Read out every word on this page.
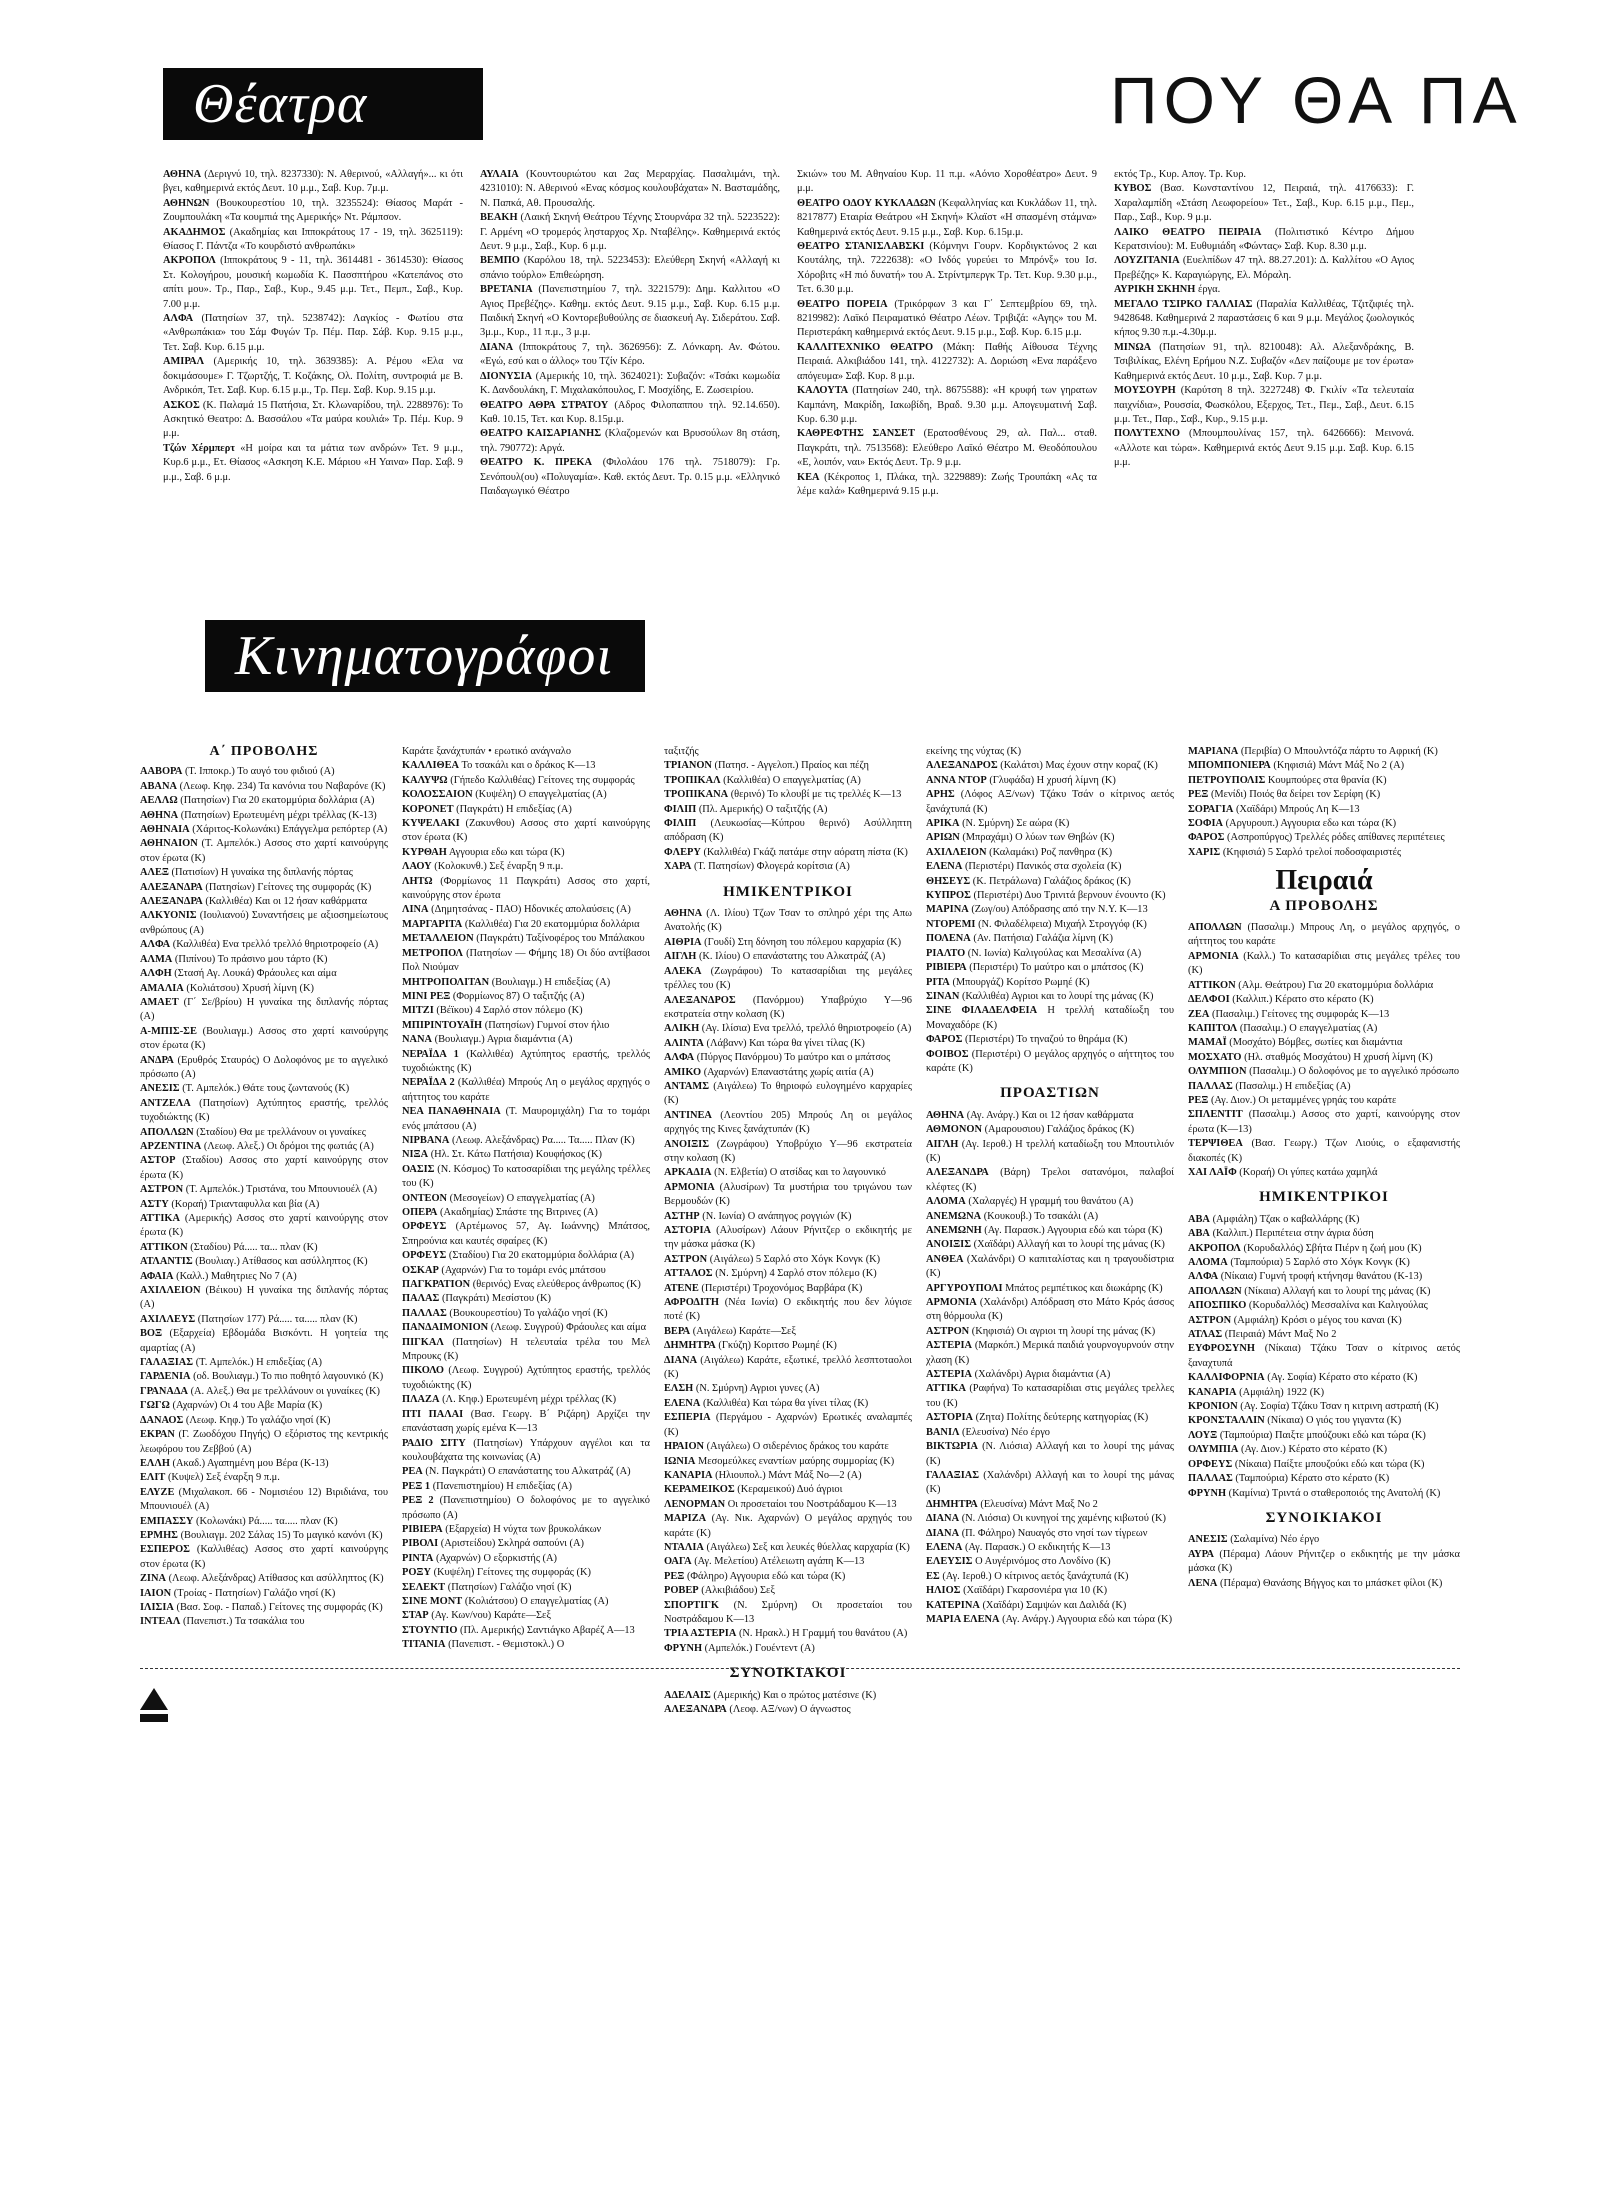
Θέατρα	ΠΟΥ ΘΑ ΠΑ

ΑΘΗΝΑ (Δεριγνύ 10, τηλ. 8237330): Ν. Αθερινού, «Αλλαγή»... κι ότι βγει, καθημερινά εκτός Δευτ. 10 μ.μ., Σαβ. Κυρ. 7μ.μ.

ΑΘΗΝΩΝ (Βουκουρεστίου 10, τηλ. 3235524): Θίασος Μαράτ - Ζουμπουλάκη «Τα κουμπιά της Αμερικής» Ντ. Ράμπσον.

ΑΚΑΔΗΜΟΣ (Ακαδημίας και Ιπποκράτους 17 - 19, τηλ. 3625119): Θίασος Γ. Πάντζα «Το κουρδιστό ανθρωπάκι»

ΑΚΡΟΠΟΛ (Ιπποκράτους 9 - 11, τηλ. 3614481 - 3614530): Θίασος Στ. Κολογήρου, μουσική κωμωδία Κ. Πασσπτήρου «Κατεπάνος στο απίτι μου». Τρ., Παρ., Σαβ., Κυρ., 9.45 μ.μ. Τετ., Πεμπ., Σαβ., Κυρ. 7.00 μ.μ.

ΑΛΦΑ (Πατησίων 37, τηλ. 5238742): Λαγκίος - Φωτίου στα «Ανθρωπάκια» του Σάμ Φυγών Τρ. Πέμ. Παρ. Σάβ. Κυρ. 9.15 μ.μ., Τετ. Σαβ. Κυρ. 6.15 μ.μ.

ΑΜΙΡΑΛ (Αμερικής 10, τηλ. 3639385): Α. Ρέμου «Ελα να δοκιμάσουμε» Γ. Τζωρτζής, Τ. Κοζάκης, Ολ. Πολίτη, συντροφιά με Β. Ανδρικόπ, Τετ. Σαβ. Κυρ. 6.15 μ.μ., Τρ. Πεμ. Σαβ. Κυρ. 9.15 μ.μ.

ΑΣΚΟΣ (Κ. Παλαμά 15 Πατήσια, Στ. Κλωναρίδου, τηλ. 2288976): Το Ασκητικό Θεατρο: Δ. Βασσάλου «Τα μαύρα κουλιά» Τρ. Πέμ. Κυρ. 9 μ.μ.

Τζών Χέρμπερτ «Η μοίρα και τα μάτια των ανδρών» Τετ. 9 μ.μ., Κυρ.6 μ.μ., Ετ. Θίασος «Ασκηση Κ.Ε. Μάριου «Η Υαινα» Παρ. Σαβ. 9 μ.μ., Σαβ. 6 μ.μ.

ΑΥΛΑΙΑ (Κουντουριώτου και 2ας Μεραρχίας. Πασαλιμάνι, τηλ. 4231010): Ν. Αθερινού «Ενας κόσμος κουλουβάχατα» Ν. Βασταμάδης, Ν. Παπκά, Αθ. Προυσαλής.

ΒΕΑΚΗ (Λαική Σκηνή Θεάτρου Τέχνης Στουρνάρα 32 τηλ. 5223522): Γ. Αρμένη «Ο τρομερός λησταρχος Χρ. Νταβέλης». Καθημερινά εκτός Δευτ. 9 μ.μ., Σαβ., Κυρ. 6 μ.μ.

ΒΕΜΠΟ (Καρόλου 18, τηλ. 5223453): Ελεύθερη Σκηνή «Αλλαγή κι σπάνιο τούρλο» Επιθεώρηση.

ΒΡΕΤΑΝΙΑ (Πανεπιστημίου 7, τηλ. 3221579): Δημ. Καλλιτου «Ο Αγιος Πρεβέζης». Καθημ. εκτός Δευτ. 9.15 μ.μ., Σαβ. Κυρ. 6.15 μ.μ. Παιδική Σκηνή «Ο Κοντορεβυθούλης σε διασκευή Αγ. Σιδεράτου. Σαβ. 3μ.μ., Κυρ., 11 π.μ., 3 μ.μ.

ΔΙΑΝΑ (Ιπποκράτους 7, τηλ. 3626956): Ζ. Λόνκαρη. Αν. Φώτου. «Εγώ, εσύ και ο άλλος» του Τζίν Κέρο.

ΔΙΟΝΥΣΙΑ (Αμερικής 10, τηλ. 3624021): Συβαζόν: «Τσάκι κωμωδία Κ. Δανδουλάκη, Γ. Μιχαλακόπουλος, Γ. Μοσχίδης, Ε. Ζωσειρίου.

ΘΕΑΤΡΟ ΑΘΡΑ ΣΤΡΑΤΟΥ (Αδρος Φιλοπαππου τηλ. 92.14.650). Καθ. 10.15, Τετ. και Κυρ. 8.15μ.μ.

ΘΕΑΤΡΟ ΚΑΙΣΑΡΙΑΝΗΣ (Κλαζομενών και Βρυσούλων 8η στάση, τηλ. 790772): Αργά.

ΘΕΑΤΡΟ Κ. ΠΡΕΚΑ (Φιλολάου 176 τηλ. 7518079): Γρ. Σενόπουλ(ου) «Πολυγαμία». Καθ. εκτός Δευτ. Τρ. 0.15 μ.μ. «Ελληνικό Παιδαγωγικό Θέατρο

Σκιών» του Μ. Αθηναίου Κυρ. 11 π.μ. «Αόνιο Χοροθέατρο» Δευτ. 9 μ.μ.

ΘΕΑΤΡΟ ΟΔΟΥ ΚΥΚΛΑΔΩΝ (Κεφαλληνίας και Κυκλάδων 11, τηλ. 8217877) Εταιρία Θεάτρου «Η Σκηνή» Κλαϊστ «Η σπασμένη στάμνα» Καθημερινά εκτός Δευτ. 9.15 μ.μ., Σαβ. Κυρ. 6.15μ.μ.

ΘΕΑΤΡΟ ΣΤΑΝΙΣΛΑΒΣΚΙ (Κόμνηνι Γουρν. Κορδιγκτώνος 2 και Κουτάλης, τηλ. 7222638): «Ο Ινδός γυρεύει το Μπρόνξ» του Ισ. Χόροβιτς «Η πιό δυνατή» του Α. Στρίντμπεργκ Τρ. Τετ. Κυρ. 9.30 μ.μ., Τετ. 6.30 μ.μ.

ΘΕΑΤΡΟ ΠΟΡΕΙΑ (Τρικόρφων 3 και Γ΄ Σεπτεμβρίου 69, τηλ. 8219982): Λαϊκό Πειραματικό Θέατρο Λέων. Τριβιζά: «Αγης» του Μ. Περιστεράκη καθημερινά εκτός Δευτ. 9.15 μ.μ., Σαβ. Κυρ. 6.15 μ.μ.

ΚΑΛΛΙΤΕΧΝΙΚΟ ΘΕΑΤΡΟ (Μάκη: Παθής Αίθουσα Τέχνης Πειραιά. Αλκιβιάδου 141, τηλ. 4122732): Α. Δοριώση «Ενα παράξενο απόγευμα» Σαβ. Κυρ. 8 μ.μ.

ΚΑΛΟΥΤΑ (Πατησίων 240, τηλ. 8675588): «Η κρυφή των γηρατων Καμπάνη, Μακρίδη, Ιακωβίδη, Βραδ. 9.30 μ.μ. Απογευματινή Σαβ. Κυρ. 6.30 μ.μ.

ΚΑΘΡΕΦΤΗΣ ΣΑΝΣΕΤ (Ερατοσθένους 29, αλ. Παλ... σταθ. Παγκράτι, τηλ. 7513568): Ελεύθερο Λαϊκό Θέατρο Μ. Θεοδόπουλου «Ε, λοιπόν, ναι» Εκτός Δευτ. Τρ. 9 μ.μ.

ΚΕΑ (Κέκροπος 1, Πλάκα, τηλ. 3229889): Ζωής Τρουπάκη «Ας τα λέμε καλά» Καθημερινά 9.15 μ.μ.

εκτός Τρ., Κυρ. Απογ. Τρ. Κυρ.

ΚΥΒΟΣ (Βασ. Κωνσταντίνου 12, Πειραιά, τηλ. 4176633): Γ. Χαραλαμπίδη «Στάση Λεωφορείου» Τετ., Σαβ., Κυρ. 6.15 μ.μ., Πεμ., Παρ., Σαβ., Κυρ. 9 μ.μ.

ΛΑΙΚΟ ΘΕΑΤΡΟ ΠΕΙΡΑΙΑ (Πολιτιστικό Κέντρο Δήμου Κερατσινίου): Μ. Ευθυμιάδη «Φώντας» Σαβ. Κυρ. 8.30 μ.μ.

ΛΟΥΖΙΤΑΝΙΑ (Ευελπίδων 47 τηλ. 88.27.201): Δ. Καλλίτου «Ο Αγιος Πρεβέζης» Κ. Καραγιώργης, Ελ. Μόραλη.

ΑΥΡΙΚΗ ΣΚΗΝΗ έργα.

ΜΕΓΑΛΟ ΤΣΙΡΚΟ ΓΑΛΛΙΑΣ (Παραλία Καλλιθέας, Τζιτζιφιές τηλ. 9428648. Καθημερινά 2 παραστάσεις 6 και 9 μ.μ. Μεγάλος ζωολογικός κήπος 9.30 π.μ.-4.30μ.μ.

ΜΙΝΩΑ (Πατησίων 91, τηλ. 8210048): Αλ. Αλεξανδράκης, Β. Τσιβιλίκας, Ελένη Ερήμου Ν.Ζ. Συβαζόν «Δεν παίζουμε με τον έρωτα» Καθημερινά εκτός Δευτ. 10 μ.μ., Σαβ. Κυρ. 7 μ.μ.

ΜΟΥΣΟΥΡΗ (Καρύτση 8 τηλ. 3227248) Φ. Γκιλίν «Τα τελευταία παιχνίδια», Ρουσσία, Φωσκόλου, Εξερχος, Τετ., Πεμ., Σαβ., Δευτ. 6.15 μ.μ. Τετ., Παρ., Σαβ., Κυρ., 9.15 μ.μ.

ΠΟΛΥΤΕΧΝΟ (Μπουμπουλίνας 157, τηλ. 6426666): Μεινονά. «Αλλοτε και τώρα». Καθημερινά εκτός Δευτ 9.15 μ.μ. Σαβ. Κυρ. 6.15 μ.μ.

Κινηματογράφοι
Α΄ ΠΡΟΒΟΛΗΣ

ΑΑΒΟΡΑ (Τ. Ιπποκρ.) Το αυγό του φιδιού (Α)

ΑΒΑΝΑ (Λεωφ. Κηφ. 234) Τα κανόνια του Ναβαρόνε (Κ)

ΑΕΛΛΩ (Πατησίων) Για 20 εκατομμύρια δολλάρια (Α)

ΑΘΗΝΑ (Πατησίων) Ερωτευμένη μέχρι τρέλλας (Κ-13)

ΑΘΗΝΑΙΑ (Χάριτος-Κολωνάκι) Επάγγελμα ρεπόρτερ (Α)

ΑΘΗΝΑΙΟΝ (Τ. Αμπελόκ.) Ασσος στο χαρτί καινούργης στον έρωτα (Κ)

ΑΛΕΞ (Πατισίων) Η γυναίκα της διπλανής πόρτας

ΑΛΕΞΑΝΔΡΑ (Πατησίων) Γείτονες της συμφοράς (Κ)

ΑΛΕΞΑΝΔΡΑ (Καλλιθέα) Και οι 12 ήσαν καθάρματα

ΑΛΚΥΟΝΙΣ (Ιουλιανού) Συναντήσεις με αξιοσημείωτους ανθρώπους (Α)

ΑΛΦΑ (Καλλιθέα) Ενα τρελλό τρελλό θηριοτροφείο (Α)

ΑΛΜΑ (Πιπίνου) Το πράσινο μου τάρτο (Κ)

ΑΛΦΗ (Στασή Αγ. Λουκά) Φράουλες και αίμα

ΑΜΑΛΙΑ (Κολιάτσου) Χρυσή λίμνη (Κ)

ΑΜΑΕΤ (Γ΄ Σε/βρίου) Η γυναίκα της διπλανής πόρτας (Α)

Α-ΜΠΙΣ-ΣΕ (Βουλιαγμ.) Ασσος στο χαρτί καινούργης στον έρωτα (Κ)

ΑΝΔΡΑ (Ερυθρός Σταυρός) Ο Δολοφόνος με το αγγελικό πρόσωπο (Α)

ΑΝΕΣΙΣ (Τ. Αμπελόκ.) Θάτε τους ζωντανούς (Κ)

ΑΝΤΖΕΛΑ (Πατησίων) Αχτύπητος εραστής, τρελλός τυχοδιώκτης (Κ)

ΑΠΟΛΛΩΝ (Σταδίου) Θα με τρελλάνουν οι γυναίκες

ΑΡΖΕΝΤΙΝΑ (Λεωφ. Αλεξ.) Οι δρόμοι της φωτιάς (Α)

ΑΣΤΟΡ (Σταδίου) Ασσος στο χαρτί καινούργης στον έρωτα (Κ)

ΑΣΤΡΟΝ (Τ. Αμπελόκ.) Τριστάνα, του Μπουνιουέλ (Α)

ΑΣΤΥ (Κοραή) Τριανταφυλλα και βία (Α)

ΑΤΤΙΚΑ (Αμερικής) Ασσος στο χαρτί καινούργης στον έρωτα (Κ)

ΑΤΤΙΚΟΝ (Σταδίου) Ρά..... τα... πλαν (Κ)

ΑΤΛΑΝΤΙΣ (Βουλιαγ.) Ατίθασος και ασύλληπτος (Κ)

ΑΦΑΙΑ (Καλλ.) Μαθητριες Νο 7 (Α)

ΑΧΙΛΛΕΙΟΝ (Βέικου) Η γυναίκα της διπλανής πόρτας (Α)

ΑΧΙΛΛΕΥΣ (Πατησίων 177) Ρά..... τα..... πλαν (Κ)

ΒΟΞ (Εξαρχεία) Εβδομάδα Βισκόντι. Η γοητεία της αμαρτίας (Α)

ΓΑΛΑΞΙΑΣ (Τ. Αμπελόκ.) Η επιδεξίας (Α)

ΓΑΡΔΕΝΙΑ (οδ. Βουλιαγμ.) Το πιο ποθητό λαγουνικό (Κ)

ΓΡΑΝΑΔΑ (Α. Αλεξ.) Θα με τρελλάνουν οι γυναίκες (Κ)

ΓΩΓΩ (Αχαρνών) Οι 4 του Αβε Μαρία (Κ)

ΔΑΝΑΟΣ (Λεωφ. Κηφ.) Το γαλάζιο νησί (Κ)

ΕΚΡΑΝ (Γ. Ζωοδόχου Πηγής) Ο εξόριστος της κεντρικής λεωφόρου του Ζεββού (Α)

ΕΛΛΗ (Ακαδ.) Αγαπημένη μου Βέρα (Κ-13)

ΕΛΙΤ (Κυψελ) Σεξ έναρξη 9 π.μ.

ΕΛΥΖΕ (Μιχαλακοπ. 66 - Νομισιέου 12) Βιριδιάνα, του Μπουνιουέλ (Α)

ΕΜΠΑΣΣΥ (Κολωνάκι) Ρά..... τα..... πλαν (Κ)

ΕΡΜΗΣ (Βουλιαγμ. 202 Σάλας 15) Το μαγικό κανόνι (Κ)

ΕΣΠΕΡΟΣ (Καλλιθέας) Ασσος στο χαρτί καινούργης στον έρωτα (Κ)

ΖΙΝΑ (Λεωφ. Αλεξάνδρας) Ατίθασος και ασύλληπτος (Κ)

ΙΑΙΟΝ (Τροίας - Πατησίων) Γαλάζιο νησί (Κ)

ΙΛΙΣΙΑ (Βασ. Σοφ. - Παπαδ.) Γείτονες της συμφοράς (Κ)

ΙΝΤΕΑΛ (Πανεπιστ.) Τα τσακάλια του

Καράτε ξανάχτυπάν • ερωτικό ανάγναλο

ΚΑΛΛΙΘΕΑ Το τσακάλι και ο δράκος Κ—13

ΚΑΛΥΨΩ (Γήπεδο Καλλιθέας) Γείτονες της συμφοράς

ΚΟΛΟΣΣΑΙΟΝ (Κυψέλη) Ο επαγγελματίας (Α)

ΚΟΡΟΝΕΤ (Παγκράτι) Η επιδεξίας (Α)

ΚΥΨΕΛΑΚΙ (Ζακυνθου) Ασσος στο χαρτί καινούργης στον έρωτα (Κ)

ΚΥΡΘΑΗ Αγγουρια εδω και τώρα (Κ)

ΛΑΟΥ (Κολοκυνθ.) Σεξ έναρξη 9 π.μ.

ΛΗΤΩ (Φορμίωνος 11 Παγκράτι) Ασσος στο χαρτί, καινούργης στον έρωτα

ΛΙΝΑ (Δημητσάνας - ΠΑΟ) Ηδονικές απολαύσεις (Α)

ΜΑΡΓΑΡΙΤΑ (Καλλιθέα) Για 20 εκατομμύρια δολλάρια

ΜΕΤΑΛΛΕΙΟΝ (Παγκράτι) Ταξίνοφέρος του Μπάλακου

ΜΕΤΡΟΠΟΛ (Πατησίων — Φήμης 18) Οι δύο αντίβασοι Πολ Νιούμαν

ΜΗΤΡΟΠΟΛΙΤΑΝ (Βουλιαγμ.) Η επιδεξίας (Α)

ΜΙΝΙ ΡΕΞ (Φορμίωνος 87) Ο ταξιτζής (Α)

ΜΙΤΖΙ (Βέϊκου) 4 Σαρλό στον πόλεμο (Κ)

ΜΠΙΡΙΝΤΟΥΑΪΗ (Πατησίων) Γυμνοί στον ήλιο

ΝΑΝΑ (Βουλιαγμ.) Αγρια διαμάντια (Α)

ΝΕΡΑΪΔΑ 1 (Καλλιθέα) Αχτύπητος εραστής, τρελλός τυχοδιώκτης (Κ)

ΝΕΡΑΪΔΑ 2 (Καλλιθέα) Μπρούς Λη ο μεγάλος αρχηγός ο αήττητος του καράτε

ΝΕΑ ΠΑΝΑΘΗΝΑΙΑ (Τ. Μαυρομιχάλη) Για το τομάρι ενός μπάτσου (Α)

ΝΙΡΒΑΝΑ (Λεωφ. Αλεξάνδρας) Ρα..... Τα..... Πλαν (Κ)

ΝΙΞΑ (Ηλ. Στ. Κάτω Πατήσια) Κουφήσκος (Κ)

ΟΑΣΙΣ (Ν. Κόσμος) Το κατοσαρίδιαι της μεγάλης τρέλλες του (Κ)

ΟΝΤΕΟΝ (Μεσογείων) Ο επαγγελματίας (Α)

ΟΠΕΡΑ (Ακαδημίας) Σπάστε της Βιτρινες (Α)

ΟΡΦΕΥΣ (Αρτέμωνος 57, Αγ. Ιωάννης) Μπάτσος, Σπηρούνια και καυτές σφαίρες (Κ)

ΟΡΦΕΥΣ (Σταδίου) Για 20 εκατομμύρια δολλάρια (Α)

ΟΣΚΑΡ (Αχαρνών) Για το τομάρι ενός μπάτσου

ΠΑΓΚΡΑΤΙΟΝ (θερινός) Ενας ελεύθερος άνθρωπος (Κ)

ΠΑΛΑΣ (Παγκράτι) Μεσίστου (Κ)

ΠΑΛΛΑΣ (Βουκουρεστίου) Το γαλάζιο νησί (Κ)

ΠΑΝΔΑΙΜΟΝΙΟΝ (Λεωφ. Συγγρού) Φράουλες και αίμα

ΠΙΓΚΑΛ (Πατησίων) Η τελευταία τρέλα του Μελ Μπρουκς (Κ)

ΠΙΚΟΛΟ (Λεωφ. Συγγρού) Αχτύπητος εραστής, τρελλός τυχοδιώκτης (Κ)

ΠΛΑΖΑ (Λ. Κηφ.) Ερωτευμένη μέχρι τρέλλας (Κ)

ΠΤΙ ΠΑΛΑΙ (Βασ. Γεωργ. Β΄ Ριζάρη) Αρχίζει την επανάσταση χωρίς εμένα Κ—13

ΡΑΔΙΟ ΣΙΤΥ (Πατησίων) Υπάρχουν αγγέλοι και τα κουλουβάχατα της κοινωνίας (Α)

ΡΕΑ (Ν. Παγκράτι) Ο επανάστατης του Αλκατράζ (Α)

ΡΕΞ 1 (Πανεπιστημίου) Η επιδεξίας (Α)

ΡΕΞ 2 (Πανεπιστημίου) Ο δολοφόνος με το αγγελικό πρόσωπο (Α)

ΡΙΒΙΕΡΑ (Εξαρχεία) Η νύχτα των βρυκολάκων

ΡΙΒΟΛΙ (Αριστείδου) Σκληρά σαπούνι (Α)

ΡΙΝΤΑ (Αχαρνών) Ο εξορκιστής (Α)

ΡΟΞΥ (Κυψέλη) Γείτονες της συμφοράς (Κ)

ΣΕΛΕΚΤ (Πατησίων) Γαλάζιο νησί (Κ)

ΣΙΝΕ ΜΟΝΤ (Κολιάτσου) Ο επαγγελματίας (Α)

ΣΤΑΡ (Αγ. Κων/νου) Καράτε—Σεξ

ΣΤΟΥΝΤΙΟ (Πλ. Αμερικής) Σαντιάγκο Αβαρέζ Α—13

ΤΙΤΑΝΙΑ (Πανεπιστ. - Θεμιστοκλ.) Ο

ταξιτζής

ΤΡΙΑΝΟΝ (Πατησ. - Αγγελοπ.) Πραίος και πέζη

ΤΡΟΠΙΚΑΛ (Καλλιθέα) Ο επαγγελματίας (Α)

ΤΡΟΠΙΚΑΝΑ (θερινό) Το κλουβί με τις τρελλές Κ—13

ΦΙΛΙΠ (Πλ. Αμερικής) Ο ταξιτζής (Α)

ΦΙΛΙΠ (Λευκωσίας—Κύπρου θερινό) Ασύλληπτη απόδραση (Κ)

ΦΛΕΡΥ (Καλλιθέα) Γκάζι πατάμε στην αόρατη πίστα (Κ)

ΧΑΡΑ (Τ. Πατησίων) Φλογερά κορίτσια (Α)

ΗΜΙΚΕΝΤΡΙΚΟΙ

ΑΘΗΝΑ (Λ. Ιλίου) Τζων Τσαν το σπληρό χέρι της Απω Ανατολής (Κ)

ΑΙΘΡΙΑ (Γουδί) Στη δόνηση του πόλεμου καρχαρία (Κ)

ΑΙΓΛΗ (Κ. Ιλίου) Ο επανάστατης του Αλκατράζ (Α)

ΑΛΕΚΑ (Ζωγράφου) Το κατασαρίδιαι της μεγάλες τρέλλες του (Κ)

ΑΛΕΞΑΝΔΡΟΣ (Πανόρμου) Υπαβρύχιο Υ—96 εκστρατεία στην κολαση (Κ)

ΑΛΙΚΗ (Αγ. Ιλίσια) Ενα τρελλό, τρελλό θηριοτροφείο (Α)

ΑΛΙΝΤΑ (Λάβανν) Και τώρα θα γίνει τίλας (Κ)

ΑΛΦΑ (Πύργος Πανόρμου) Το μαύτρο και ο μπάτσος

ΑΜΙΚΟ (Αχαρνών) Επαναστάτης χωρίς αιτία (Α)

ΑΝΤΑΜΣ (Αιγάλεω) Το θηριοφώ ευλογημένο καρχαρίες (Κ)

ΑΝΤΙΝΕΑ (Λεοντίου 205) Μπρούς Λη οι μεγάλος αρχηγός της Κινες ξανάχτυπάν (Κ)

ΑΝΟΙΞΙΣ (Ζωγράφου) Υποβρύχιο Υ—96 εκστρατεία στην κολαση (Κ)

ΑΡΚΑΔΙΑ (Ν. Ελβετία) Ο ατσίδας και το λαγουνικό

ΑΡΜΟΝΙΑ (Αλυσίρων) Τα μυστήρια του τριγώνου των Βερμουδών (Κ)

ΑΣΤΗΡ (Ν. Ιωνία) Ο ανάπηγος ρογγιών (Κ)

ΑΣΤΟΡΙΑ (Αλυσίρων) Λάουν Ρήνιτζερ ο εκδικητής με την μάσκα μάσκα (Κ)

ΑΣΤΡΟΝ (Αιγάλεω) 5 Σαρλό στο Χόγκ Κονγκ (Κ)

ΑΤΤΑΛΟΣ (Ν. Σμύρνη) 4 Σαρλό στον πόλεμο (Κ)

ΑΤΕΝΕ (Περιστέρι) Τροχονόμος Βαρβάρα (Κ)

ΑΦΡΟΔΙΤΗ (Νέα Ιωνία) Ο εκδικητής που δεν λύγισε ποτέ (Κ)

ΒΕΡΑ (Αιγάλεω) Καράτε—Σεξ

ΔΗΜΗΤΡΑ (Γκύζη) Κοριτσο Ρωμηέ (Κ)

ΔΙΑΝΑ (Αιγάλεω) Καράτε, εξωτικέ, τρελλό λεσπτοταολοι (Κ)

ΕΛΣΗ (Ν. Σμύρνη) Αγριοι γυνες (Α)

ΕΛΕΝΑ (Καλλιθέα) Και τώρα θα γίνει τίλας (Κ)

ΕΣΠΕΡΙΑ (Περγάμου - Αχαρνών) Ερωτικές αναλαμπές (Κ)

ΗΡΑΙΟΝ (Αιγάλεω) Ο σιδερένιος δράκος του καράτε

ΙΩΝΙΑ Μεσομεύλκες εναντίων μαύρης συμμορίας (Κ)

ΚΑΝΑΡΙΑ (Ηλιουπολ.) Μάντ Μάξ Νο—2 (Α)

ΚΕΡΑΜΕΙΚΟΣ (Κεραμεικού) Δυό άγριοι

ΛΕΝΟΡΜΑΝ Οι προσεταίοι του Νοστράδαμου Κ—13

ΜΑΡΙΖΑ (Αγ. Νικ. Αχαρνών) Ο μεγάλος αρχηγός του καράτε (Κ)

ΝΤΑΛΙΑ (Αιγάλεω) Σεξ και λευκές θύελλας καρχαρία (Κ)

ΟΑΓΑ (Αγ. Μελετίου) Ατέλειωτη αγάπη Κ—13

ΡΕΞ (Φάληρο) Αγγουρια εδώ και τώρα (Κ)

ΡΟΒΕΡ (Αλκιβιάδου) Σεξ

ΣΠΟΡΤΙΓΚ (Ν. Σμύρνη) Οι προσεταίοι του Νοστράδαμου Κ—13

ΤΡΙΑ ΑΣΤΕΡΙΑ (Ν. Ηρακλ.) Η Γραμμή του θανάτου (Α)

ΦΡΥΝΗ (Αμπελόκ.) Γουέντεντ (Α)

ΣΥΝΟΙΚΙΑΚΟΙ

ΑΔΕΛΑΙΣ (Αμερικής) Και ο πρώτος ματέσινε (Κ)

ΑΛΕΞΑΝΔΡΑ (Λεοφ. ΑΞ/νων) Ο άγνωστος

εκείνης της νύχτας (Κ)

ΑΛΕΞΑΝΔΡΟΣ (Καλάτσι) Μας έχουν στην κοραζ (Κ)

ΑΝΝΑ ΝΤΟΡ (Γλυφάδα) Η χρυσή λίμνη (Κ)

ΑΡΗΣ (Λόφος ΑΞ/νων) Τζάκυ Τσάν ο κίτρινος αετός ξανάχτυπά (Κ)

ΑΡΙΚΑ (Ν. Σμύρνη) Σε αώρα (Κ)

ΑΡΙΩΝ (Μπραχάμι) Ο λύων των Θηβών (Κ)

ΑΧΙΛΛΕΙΟΝ (Καλαμάκι) Ροζ πανθηρα (Κ)

ΕΛΕΝΑ (Περιστέρι) Πανικός στα σχολεία (Κ)

ΘΗΣΕΥΣ (Κ. Πετράλωνα) Γαλάζιος δράκος (Κ)

ΚΥΠΡΟΣ (Περιστέρι) Δυο Τρινιτά βερνουν ένουντο (Κ)

ΜΑΡΙΝΑ (Ζωγ/ου) Απόδρασης από την Ν.Υ. Κ—13

ΝΤΟΡΕΜΙ (Ν. Φιλαδέλφεια) Μιχαήλ Στρογγόφ (Κ)

ΠΟΛΕΝΑ (Αν. Πατήσια) Γαλάζια λίμνη (Κ)

ΡΙΑΛΤΟ (Ν. Ιωνία) Καλιγούλας και Μεσαλίνα (Α)

ΡΙΒΙΕΡΑ (Περιστέρι) Το μαύτρο και ο μπάτσος (Κ)

ΡΙΤΑ (Μπουργάζ) Κορίτσο Ρωμηέ (Κ)

ΣΙΝΑΝ (Καλλιθέα) Αγριοι και το λουρί της μάνας (Κ)

ΣΙΝΕ ΦΙΛΑΔΕΛΦΕΙΑ Η τρελλή καταδίωξη του Μοναχαδόρε (Κ)

ΦΑΡΟΣ (Περιστέρι) Το τηναζού το θηράμα (Κ)

ΦΟΙΒΟΣ (Περιστέρι) Ο μεγάλος αρχηγός ο αήττητος του καράτε (Κ)

ΠΡΟΑΣΤΙΩΝ

ΑΘΗΝΑ (Αγ. Ανάργ.) Και οι 12 ήσαν καθάρματα

ΑΘΜΟΝΟΝ (Αμαρουσιου) Γαλάζιος δράκος (Κ)

ΑΙΓΛΗ (Αγ. Ιεροθ.) Η τρελλή καταδίωξη του Μπουτιλιόν (Κ)

ΑΛΕΞΑΝΔΡΑ (Βάρη) Τρελοι σατανόμοι, παλαβοί κλέφτες (Κ)

ΑΛΟΜΑ (Χαλαργές) Η γραμμή του θανάτου (Α)

ΑΝΕΜΩΝΑ (Κουκουβ.) Το τσακάλι (Α)

ΑΝΕΜΩΝΗ (Αγ. Παρασκ.) Αγγουρια εδώ και τώρα (Κ)

ΑΝΟΙΞΙΣ (Χαϊδάρι) Αλλαγή και το λουρί της μάνας (Κ)

ΑΝΘΕΑ (Χαλάνδρι) Ο καπιταλίστας και η τραγουδίστρια (Κ)

ΑΡΓΥΡΟΥΠΟΛΙ Μπάτος ρεμπέτικος και διωκάρης (Κ)

ΑΡΜΟΝΙΑ (Χαλάνδρι) Απόδραση στο Μάτο Κρός άσσος στη θόρμουλα (Κ)

ΑΣΤΡΟΝ (Κηφισιά) Οι αγριοι τη λουρί της μάνας (Κ)

ΑΣΤΕΡΙΑ (Μαρκόπ.) Μερικά παιδιά γουρνογυρνούν στην χλαση (Κ)

ΑΣΤΕΡΙΑ (Χαλάνδρι) Αγρια διαμάντια (Α)

ΑΤΤΙΚΑ (Ραφήνα) Το κατασαρίδιαι στις μεγάλες τρελλες του (Κ)

ΑΣΤΟΡΙΑ (Ζητα) Πολίτης δεύτερης κατηγορίας (Κ)

ΒΑΝΙΛ (Ελευσίνα) Νέο έργο

ΒΙΚΤΩΡΙΑ (Ν. Λιόσια) Αλλαγή και το λουρί της μάνας (Κ)

ΓΑΛΑΞΙΑΣ (Χαλάνδρι) Αλλαγή και το λουρί της μάνας (Κ)

ΔΗΜΗΤΡΑ (Ελευσίνα) Μάντ Μαξ Νο 2

ΔΙΑΝΑ (Ν. Λιόσια) Οι κυνηγοί της χαμένης κιβωτού (Κ)

ΔΙΑΝΑ (Π. Φάληρο) Ναυαγός στο νησί των τίγρεων

ΕΛΕΝΑ (Αγ. Παρασκ.) Ο εκδικητής Κ—13

ΕΛΕΥΣΙΣ Ο Αυγέρινόμος στο Λονδίνο (Κ)

ΕΣ (Αγ. Ιεροθ.) Ο κίτρινος αετός ξανάχτυπά (Κ)

ΗΛΙΟΣ (Χαϊδάρι) Γκαρσονιέρα για 10 (Κ)

ΚΑΤΕΡΙΝΑ (Χαϊδάρι) Σαμψών και Δαλιδά (Κ)

ΜΑΡΙΑ ΕΛΕΝΑ (Αγ. Ανάργ.) Αγγουρια εδώ και τώρα (Κ)

ΜΑΡΙΑΝΑ (Περιβία) Ο Μπουλντόζα πάρτυ το Αφρική (Κ)

ΜΠΟΜΠΟΝΙΕΡΑ (Κηφισιά) Μάντ Μάξ Νο 2 (Α)

ΠΕΤΡΟΥΠΟΛΙΣ Κουμπούρες στα θρανία (Κ)

ΡΕΞ (Μενίδι) Ποιός θα δείρει τον Σερίφη (Κ)

ΣΟΡΑΓΙΑ (Χαϊδάρι) Μπρούς Λη Κ—13

ΣΟΦΙΑ (Αργυρουπ.) Αγγουρια εδω και τώρα (Κ)

ΦΑΡΟΣ (Ασπροπύργος) Τρελλές ρόδες απίθανες περιπέτειες

ΧΑΡΙΣ (Κηφισιά) 5 Σαρλό τρελοί ποδοσφαιριστές

Πειραιά
Α ΠΡΟΒΟΛΗΣ

ΑΠΟΛΛΩΝ (Πασαλιμ.) Μπρους Λη, ο μεγάλος αρχηγός, ο αήττητος του καράτε

ΑΡΜΟΝΙΑ (Καλλ.) Το κατασαρίδιαι στις μεγάλες τρέλες του (Κ)

ΑΤΤΙΚΟΝ (Αλμ. Θεάτρου) Για 20 εκατομμύρια δολλάρια

ΔΕΛΦΟΙ (Καλλιπ.) Κέρατο στο κέρατο (Κ)

ΖΕΑ (Πασαλιμ.) Γείτονες της συμφοράς Κ—13

ΚΑΠΙΤΟΛ (Πασαλιμ.) Ο επαγγελματίας (Α)

ΜΑΜΑΪ (Μοσχάτο) Βόμβες, σωτίες και διαμάντια

ΜΟΣΧΑΤΟ (Ηλ. σταθμός Μοσχάτου) Η χρυσή λίμνη (Κ)

ΟΛΥΜΠΙΟΝ (Πασαλιμ.) Ο δολοφόνος με το αγγελικό πρόσωπο

ΠΑΛΛΑΣ (Πασαλιμ.) Η επιδεξίας (Α)

ΡΕΞ (Αγ. Διον.) Οι μεταμμένες γρηάς του καράτε

ΣΠΛΕΝΤΙΤ (Πασαλιμ.) Ασσος στο χαρτί, καινούργης στον έρωτα (Κ—13)

ΤΕΡΨΙΘΕΑ (Βασ. Γεωργ.) Τζων Λιούις, ο εξαφανιστής διακοπές (Κ)

ΧΑΙ ΛΑΪΦ (Κοραή) Οι γύπες κατάω χαμηλά

ΗΜΙΚΕΝΤΡΙΚΟΙ

ΑΒΑ (Αμφιάλη) Τζακ ο καβαλλάρης (Κ)

ΑΒΑ (Καλλιπ.) Περιπέτεια στην άγρια δύση

ΑΚΡΟΠΟΛ (Κορυδαλλός) Σβήτα Πιέρν η ζωή μου (Κ)

ΑΛΟΜΑ (Ταμπούρια) 5 Σαρλό στο Χόγκ Κονγκ (Κ)

ΑΛΦΑ (Νίκαια) Γυμνή τροφή κτήνησμ θανάτου (Κ-13)

ΑΠΟΛΛΩΝ (Νίκαια) Αλλαγή και το λουρί της μάνας (Κ)

ΑΠΟΣΠΙΚΟ (Κορυδαλλός) Μεσσαλίνα και Καλιγούλας

ΑΣΤΡΟΝ (Αμφιάλη) Κρόσι ο μέγος του καναι (Κ)

ΑΤΛΑΣ (Πειραιά) Μάντ Μαξ Νο 2

ΕΥΦΡΟΣΥΝΗ (Νίκαια) Τζάκυ Τσαν ο κίτρινος αετός ξαναχτυπά

ΚΑΛΛΙΦΟΡΝΙΑ (Αγ. Σοφία) Κέρατο στο κέρατο (Κ)

ΚΑΝΑΡΙΑ (Αμφιάλη) 1922 (Κ)

ΚΡΟΝΙΟΝ (Αγ. Σοφία) Τζάκυ Τσαν η κιτρινη αστραπή (Κ)

ΚΡΟΝΣΤΑΛΛΙΝ (Νίκαια) Ο γιός του γιγαντα (Κ)

ΛΟΥΞ (Ταμπούρια) Παιξτε μπούζουκι εδώ και τώρα (Κ)

ΟΛΥΜΠΙΑ (Αγ. Διον.) Κέρατο στο κέρατο (Κ)

ΟΡΦΕΥΣ (Νίκαια) Παίξτε μπουζούκι εδώ και τώρα (Κ)

ΠΑΛΛΑΣ (Ταμπούρια) Κέρατο στο κέρατο (Κ)

ΦΡΥΝΗ (Καμίνια) Τριντά ο σταθεροποιός της Ανατολή (Κ)

ΣΥΝΟΙΚΙΑΚΟΙ

ΑΝΕΣΙΣ (Σαλαμίνα) Νέο έργο

ΑΥΡΑ (Πέραμα) Λάουν Ρήνιτζερ ο εκδικητής με την μάσκα μάσκα (Κ)

ΛΕΝΑ (Πέραμα) Θανάσης Βήγγος και το μπάσκετ φίλοι (Κ)
